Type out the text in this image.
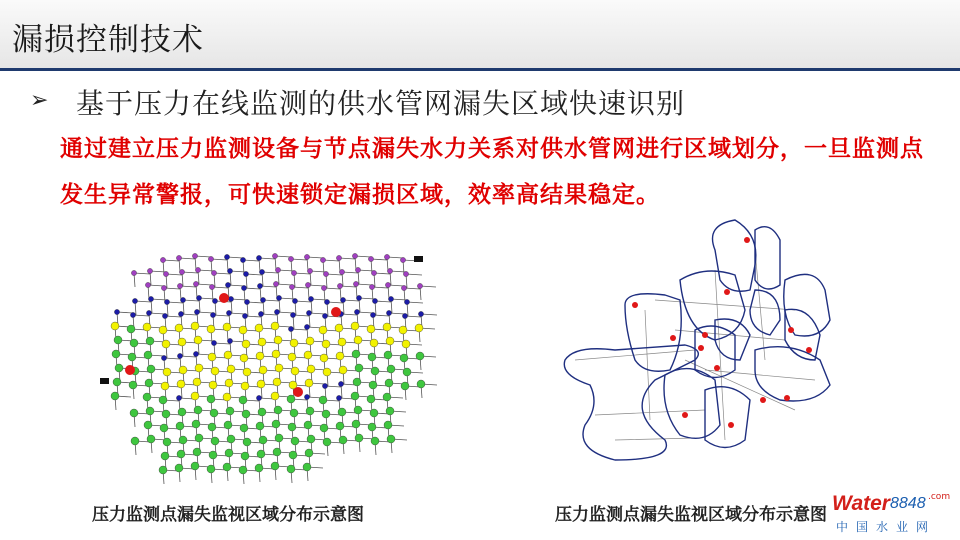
漏损控制技术
➢ 基于压力在线监测的供水管网漏失区域快速识别
通过建立压力监测设备与节点漏失水力关系对供水管网进行区域划分，一旦监测点发生异常警报，可快速锁定漏损区域，效率高结果稳定。
压力监测点漏失监视区域分布示意图	压力监测点漏失监视区域分布示意图 Water 8848 .com
中国水业网
